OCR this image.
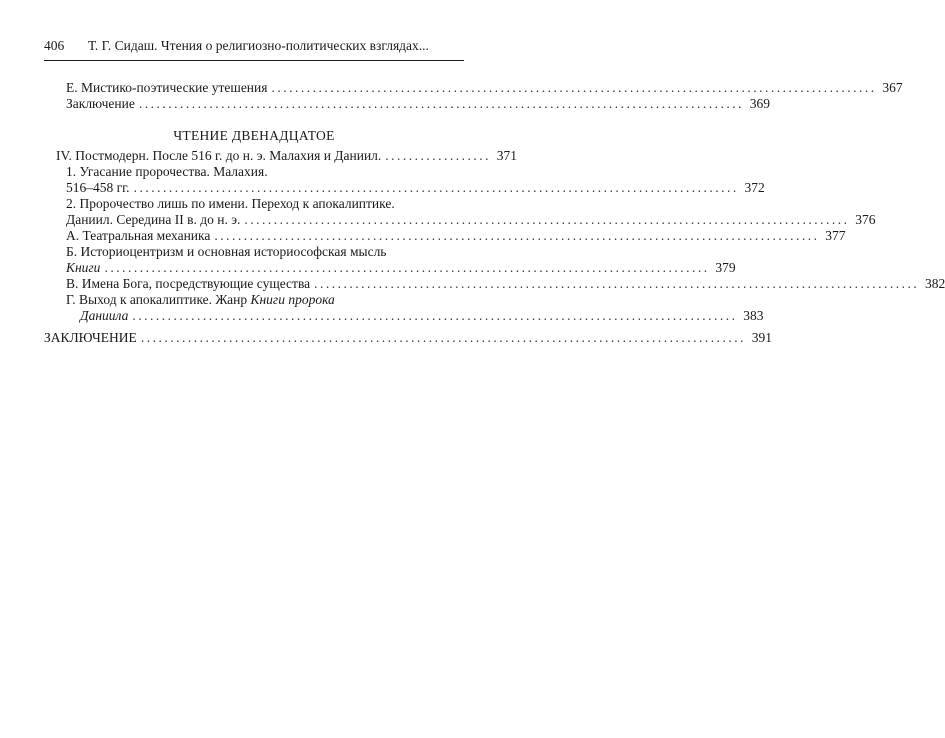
406 Т. Г. Сидаш. Чтения о религиозно-политических взглядах...
Е. Мистико-поэтические утешения ....................................................................................................... 367
Заключение ....................................................................................................... 369
ЧТЕНИЕ ДВЕНАДЦАТОЕ
IV. Постмодерн. После 516 г. до н. э. Малахия и Даниил. .................. 371
1. Угасание пророчества. Малахия.
516–458 гг. ....................................................................................................... 372
2. Пророчество лишь по имени. Переход к апокалиптике.
Даниил. Середина II в. до н. э. ....................................................................................................... 376
А. Театральная механика ....................................................................................................... 377
Б. Историоцентризм и основная историософская мысль
Книги ....................................................................................................... 379
В. Имена Бога, посредствующие существа ....................................................................................................... 382
Г. Выход к апокалиптике. Жанр Книги пророка
Даниила ....................................................................................................... 383
ЗАКЛЮЧЕНИЕ ....................................................................................................... 391
